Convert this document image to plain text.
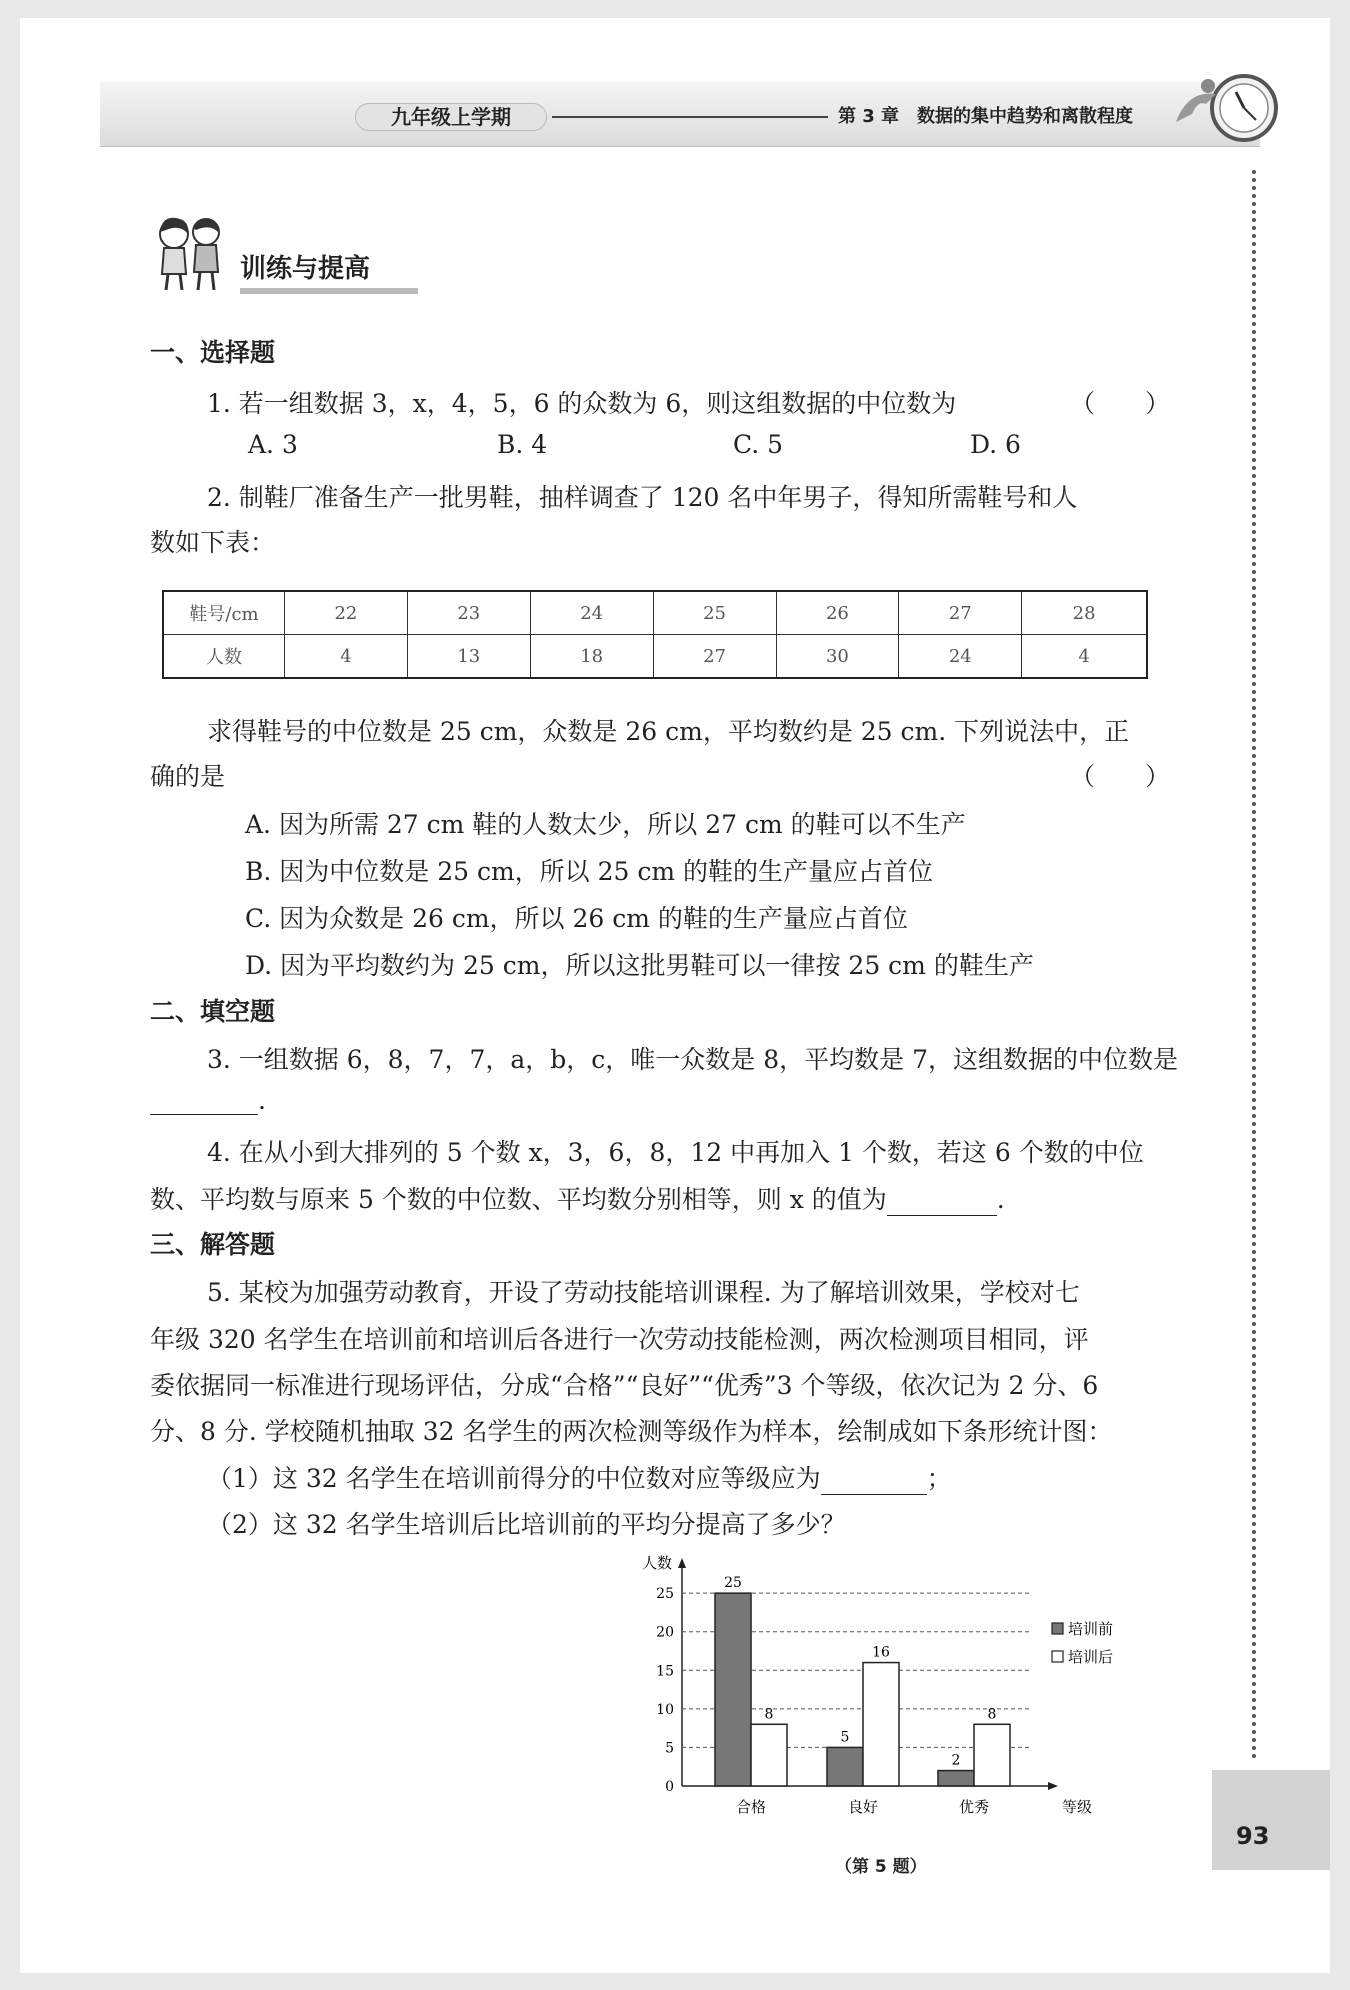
九年级上学期	第 3 章　数据的集中趋势和离散程度
训练与提高
一、选择题
1. 若一组数据 3，x，4，5，6 的众数为 6，则这组数据的中位数为	（　　）
A. 3	B. 4	C. 5	D. 6
2. 制鞋厂准备生产一批男鞋，抽样调查了 120 名中年男子，得知所需鞋号和人
数如下表：
鞋号/cm	22	23	24	25	26	27	28
人数	4	13	18	27	30	24	4
求得鞋号的中位数是 25 cm，众数是 26 cm，平均数约是 25 cm. 下列说法中，正
确的是	（　　）
A. 因为所需 27 cm 鞋的人数太少，所以 27 cm 的鞋可以不生产
B. 因为中位数是 25 cm，所以 25 cm 的鞋的生产量应占首位
C. 因为众数是 26 cm，所以 26 cm 的鞋的生产量应占首位
D. 因为平均数约为 25 cm，所以这批男鞋可以一律按 25 cm 的鞋生产
二、填空题
3. 一组数据 6，8，7，7，a，b，c，唯一众数是 8，平均数是 7，这组数据的中位数是
.
4. 在从小到大排列的 5 个数 x，3，6，8，12 中再加入 1 个数，若这 6 个数的中位
数、平均数与原来 5 个数的中位数、平均数分别相等，则 x 的值为	.
三、解答题
5. 某校为加强劳动教育，开设了劳动技能培训课程. 为了解培训效果，学校对七
年级 320 名学生在培训前和培训后各进行一次劳动技能检测，两次检测项目相同，评
委依据同一标准进行现场评估，分成“合格”“良好”“优秀”3 个等级，依次记为 2 分、6
分、8 分. 学校随机抽取 32 名学生的两次检测等级作为样本，绘制成如下条形统计图：
（1）这 32 名学生在培训前得分的中位数对应等级应为	；
（2）这 32 名学生培训后比培训前的平均分提高了多少？
人数
等级
0
5
10
15
20
25
25
8
合格
5
16
良好
2
8
优秀
培训前
培训后
（第 5 题）
93
